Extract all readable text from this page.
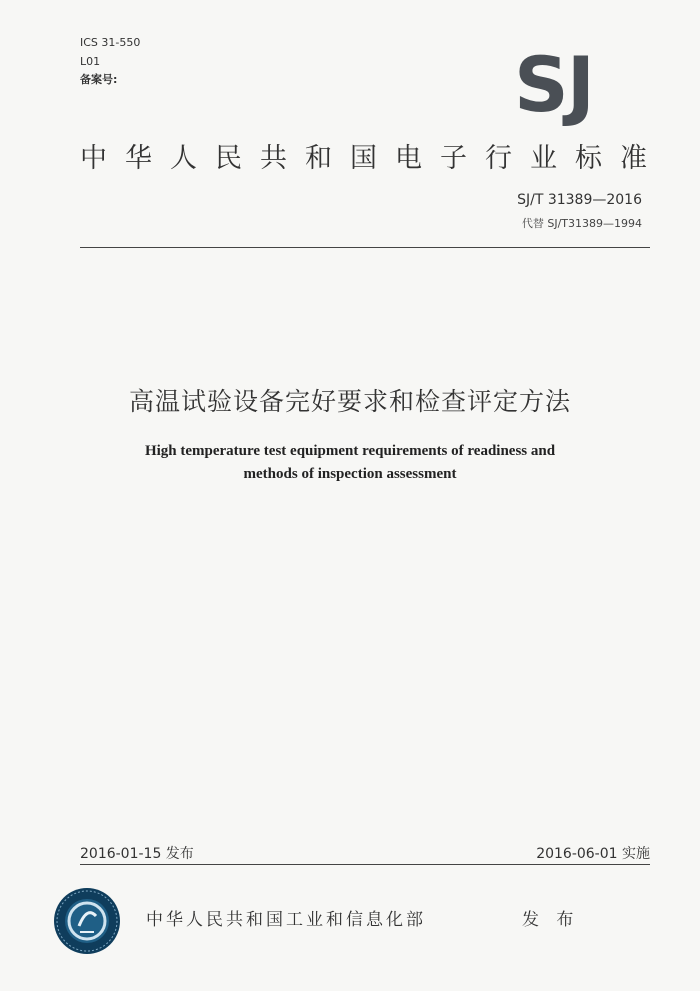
ICS 31-550
L01
备案号:	SJ
中华人民共和国电子行业标准
SJ/T 31389—2016
代替 SJ/T31389—1994
高温试验设备完好要求和检查评定方法
High temperature test equipment requirements of readiness and
methods of inspection assessment
2016-01-15 发布	2016-06-01 实施
中华人民共和国工业和信息化部	发 布
